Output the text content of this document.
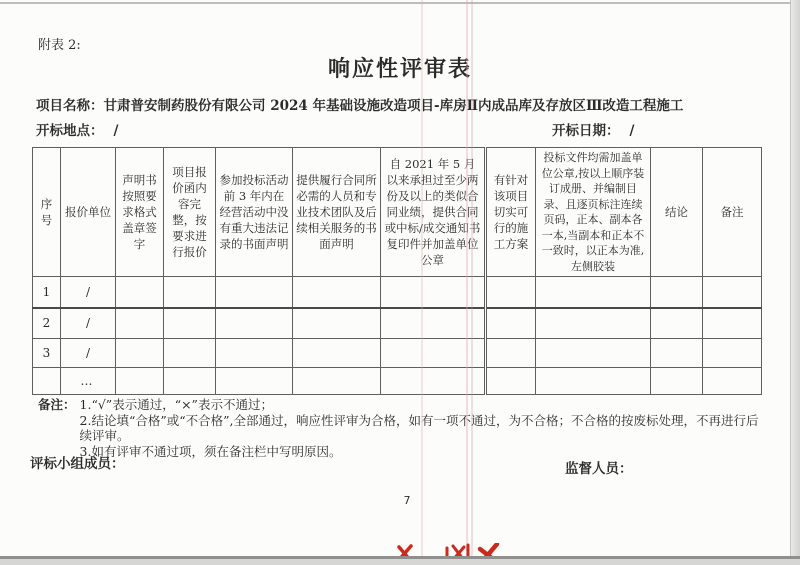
附表 2:
响应性评审表
项目名称：甘肃普安制药股份有限公司 2024 年基础设施改造项目-库房Ⅱ内成品库及存放区Ⅲ改造工程施工
开标地点： /	开标日期： /
序号	报价单位	声明书按照要求格式盖章签字	项目报价函内容完整，按要求进行报价	参加投标活动前 3 年内在经营活动中没有重大违法记录的书面声明	提供履行合同所必需的人员和专业技术团队及后续相关服务的书面声明	自 2021 年 5 月以来承担过至少两份及以上的类似合同业绩，提供合同或中标/成交通知书复印件并加盖单位公章	有针对该项目切实可行的施工方案	投标文件均需加盖单位公章,按以上顺序装订成册、并编制目录、且逐页标注连续页码，正本、副本各一本,当副本和正本不一致时，以正本为准,左侧胶装	结论	备注
1	/									
2	/									
3	/									
	…									
备注： 1.“√”表示通过，“×”表示不通过；
2.结论填“合格”或“不合格”,全部通过，响应性评审为合格，如有一项不通过，为不合格；不合格的按废标处理，不再进行后续评审。
3.如有评审不通过项，须在备注栏中写明原因。
评标小组成员：	监督人员：
7
